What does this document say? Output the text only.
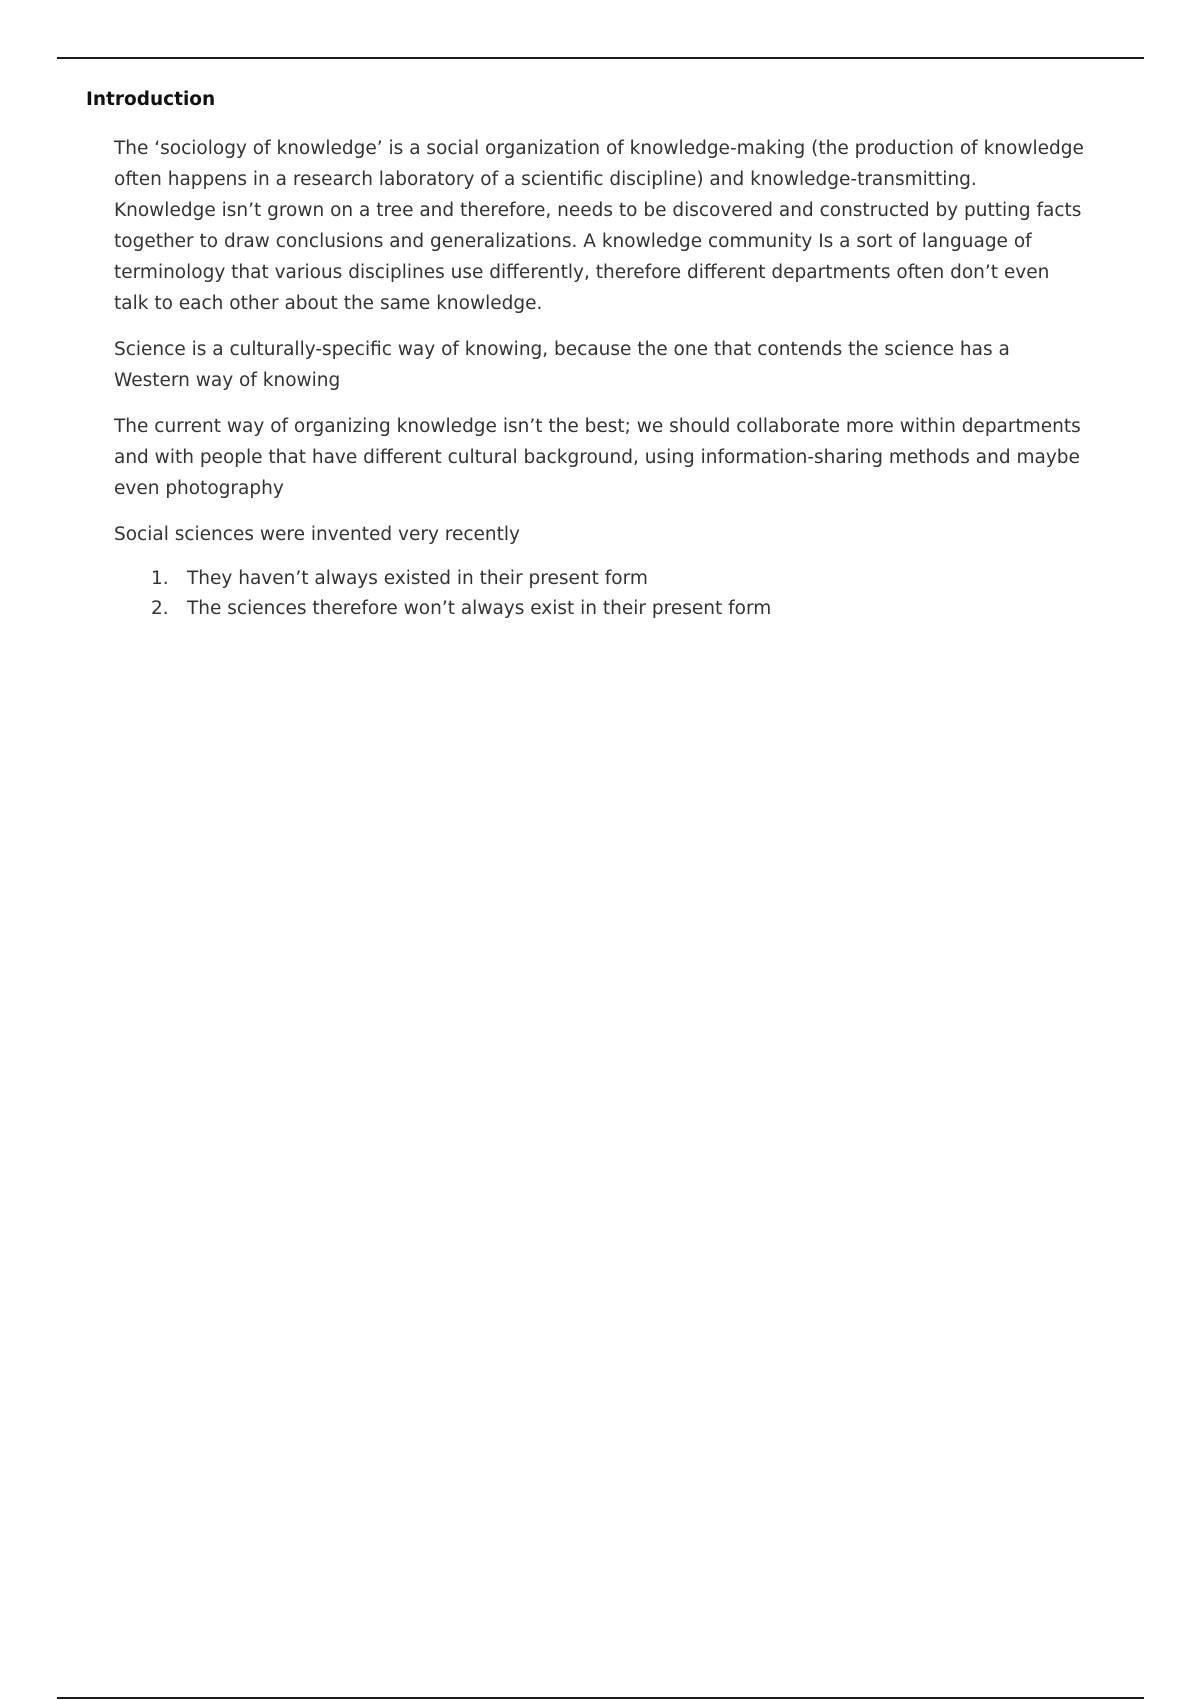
Introduction

The ‘sociology of knowledge’ is a social organization of knowledge-making (the production of knowledge often happens in a research laboratory of a scientific discipline) and knowledge-transmitting. Knowledge isn’t grown on a tree and therefore, needs to be discovered and constructed by putting facts together to draw conclusions and generalizations. A knowledge community Is a sort of language of terminology that various disciplines use differently, therefore different departments often don’t even talk to each other about the same knowledge.

Science is a culturally-specific way of knowing, because the one that contends the science has a Western way of knowing

The current way of organizing knowledge isn’t the best; we should collaborate more within departments and with people that have different cultural background, using information-sharing methods and maybe even photography

Social sciences were invented very recently

1. They haven’t always existed in their present form
2. The sciences therefore won’t always exist in their present form
